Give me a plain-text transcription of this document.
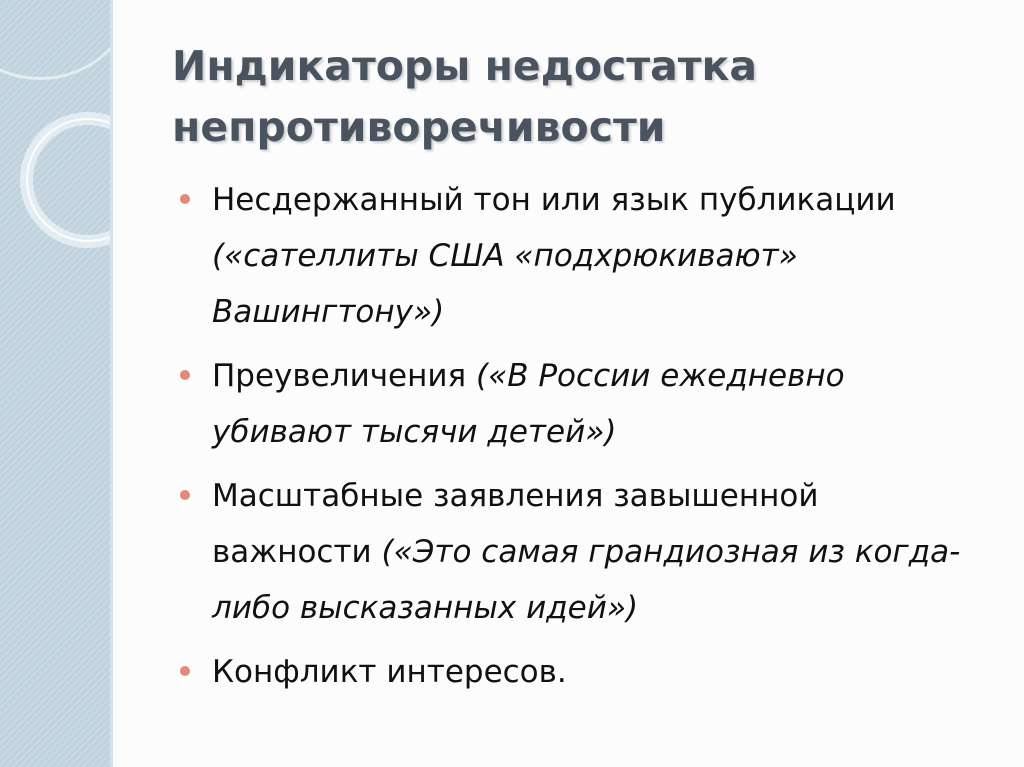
Индикаторы недостатка непротиворечивости
Несдержанный тон или язык публикации («сателлиты США «подхрюкивают» Вашингтону»)
Преувеличения («В России ежедневно убивают тысячи детей»)
Масштабные заявления завышенной важности («Это самая грандиозная из когда-либо высказанных идей»)
Конфликт интересов.
